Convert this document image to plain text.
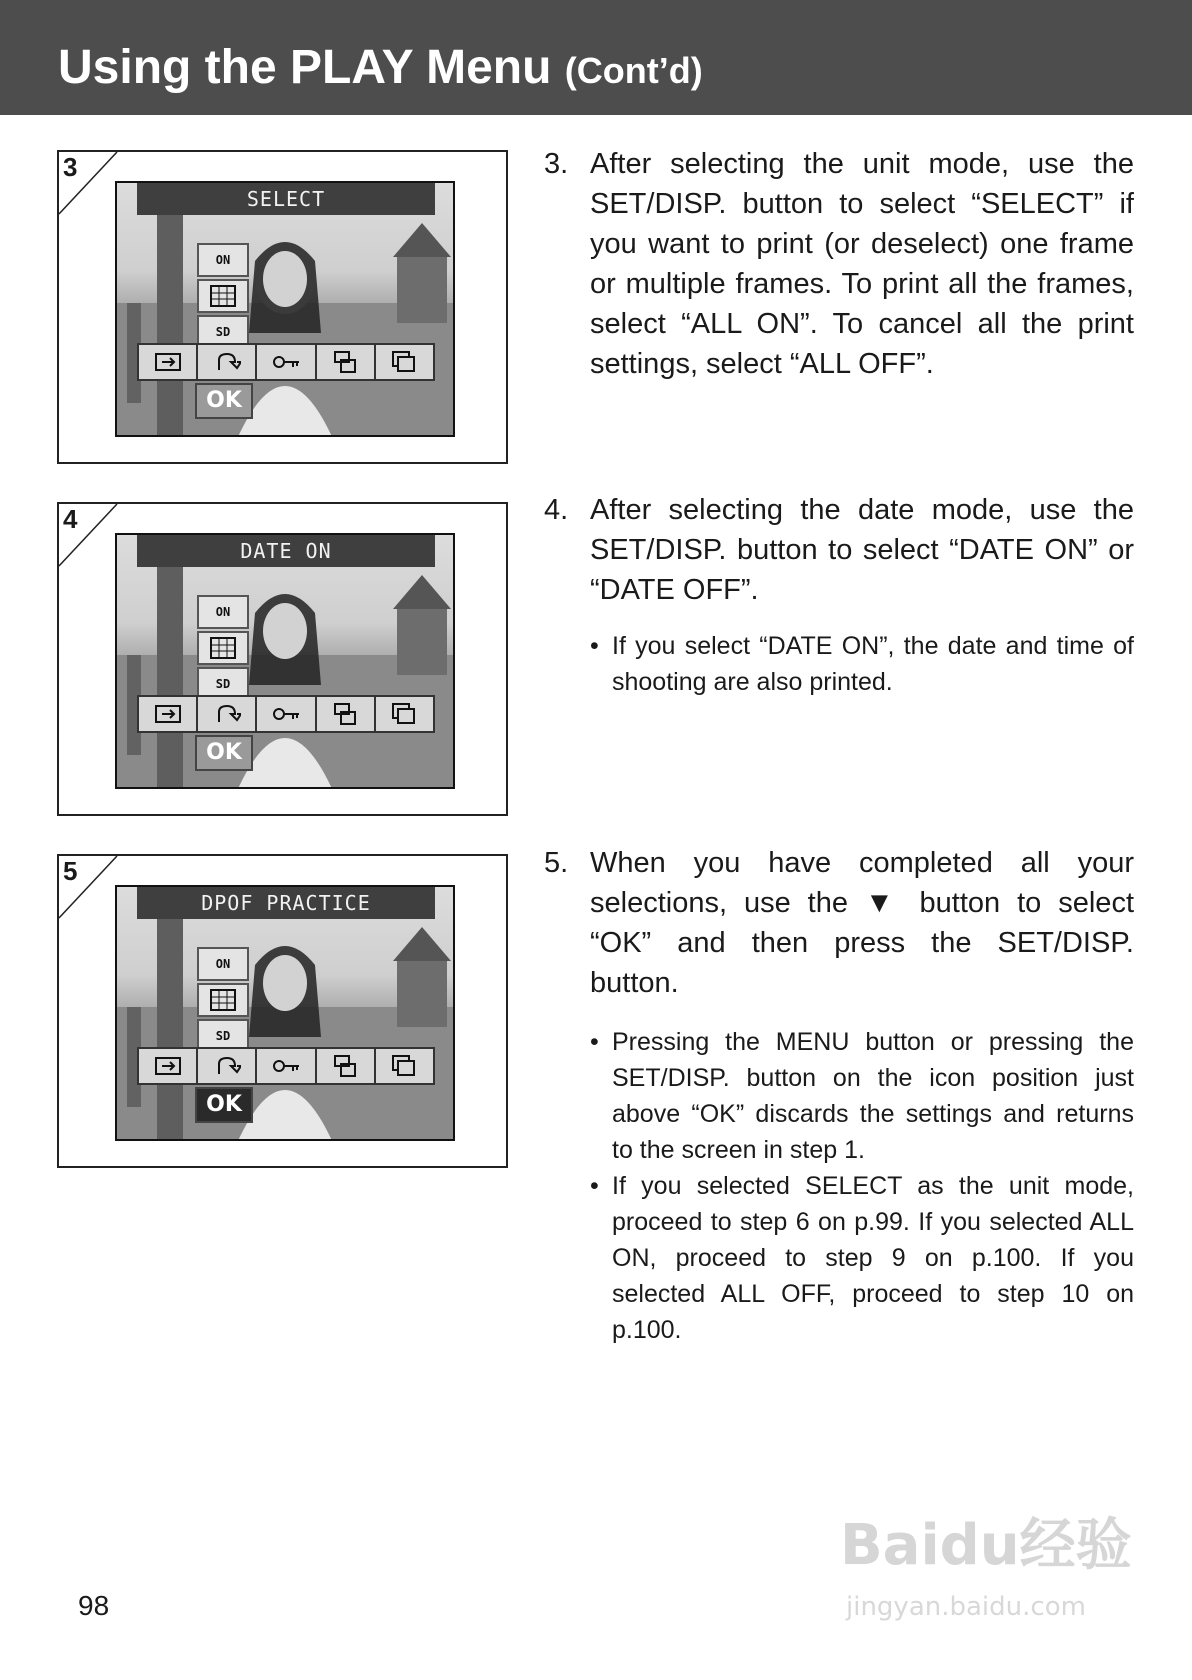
Using the PLAY Menu (Cont’d)
3
SELECT
ON
SD
OK
4
DATE ON
ON
SD
OK
5
DPOF PRACTICE
ON
SD
OK
3. After selecting the unit mode, use the SET/DISP. button to select “SELECT” if you want to print (or deselect) one frame or multiple frames. To print all the frames, select “ALL ON”. To cancel all the print settings, select “ALL OFF”.
4. After selecting the date mode, use the SET/DISP. button to select “DATE ON” or “DATE OFF”.
• If you select “DATE ON”, the date and time of shooting are also printed.
5. When you have completed all your selections, use the ▼ button to select “OK” and then press the SET/DISP. button.
• Pressing the MENU button or pressing the SET/DISP. button on the icon position just above “OK” discards the settings and returns to the screen in step 1.
• If you selected SELECT as the unit mode, proceed to step 6 on p.99. If you selected ALL ON, proceed to step 9 on p.100. If you selected ALL OFF, proceed to step 10 on p.100.
98
Baidu经验
jingyan.baidu.com
